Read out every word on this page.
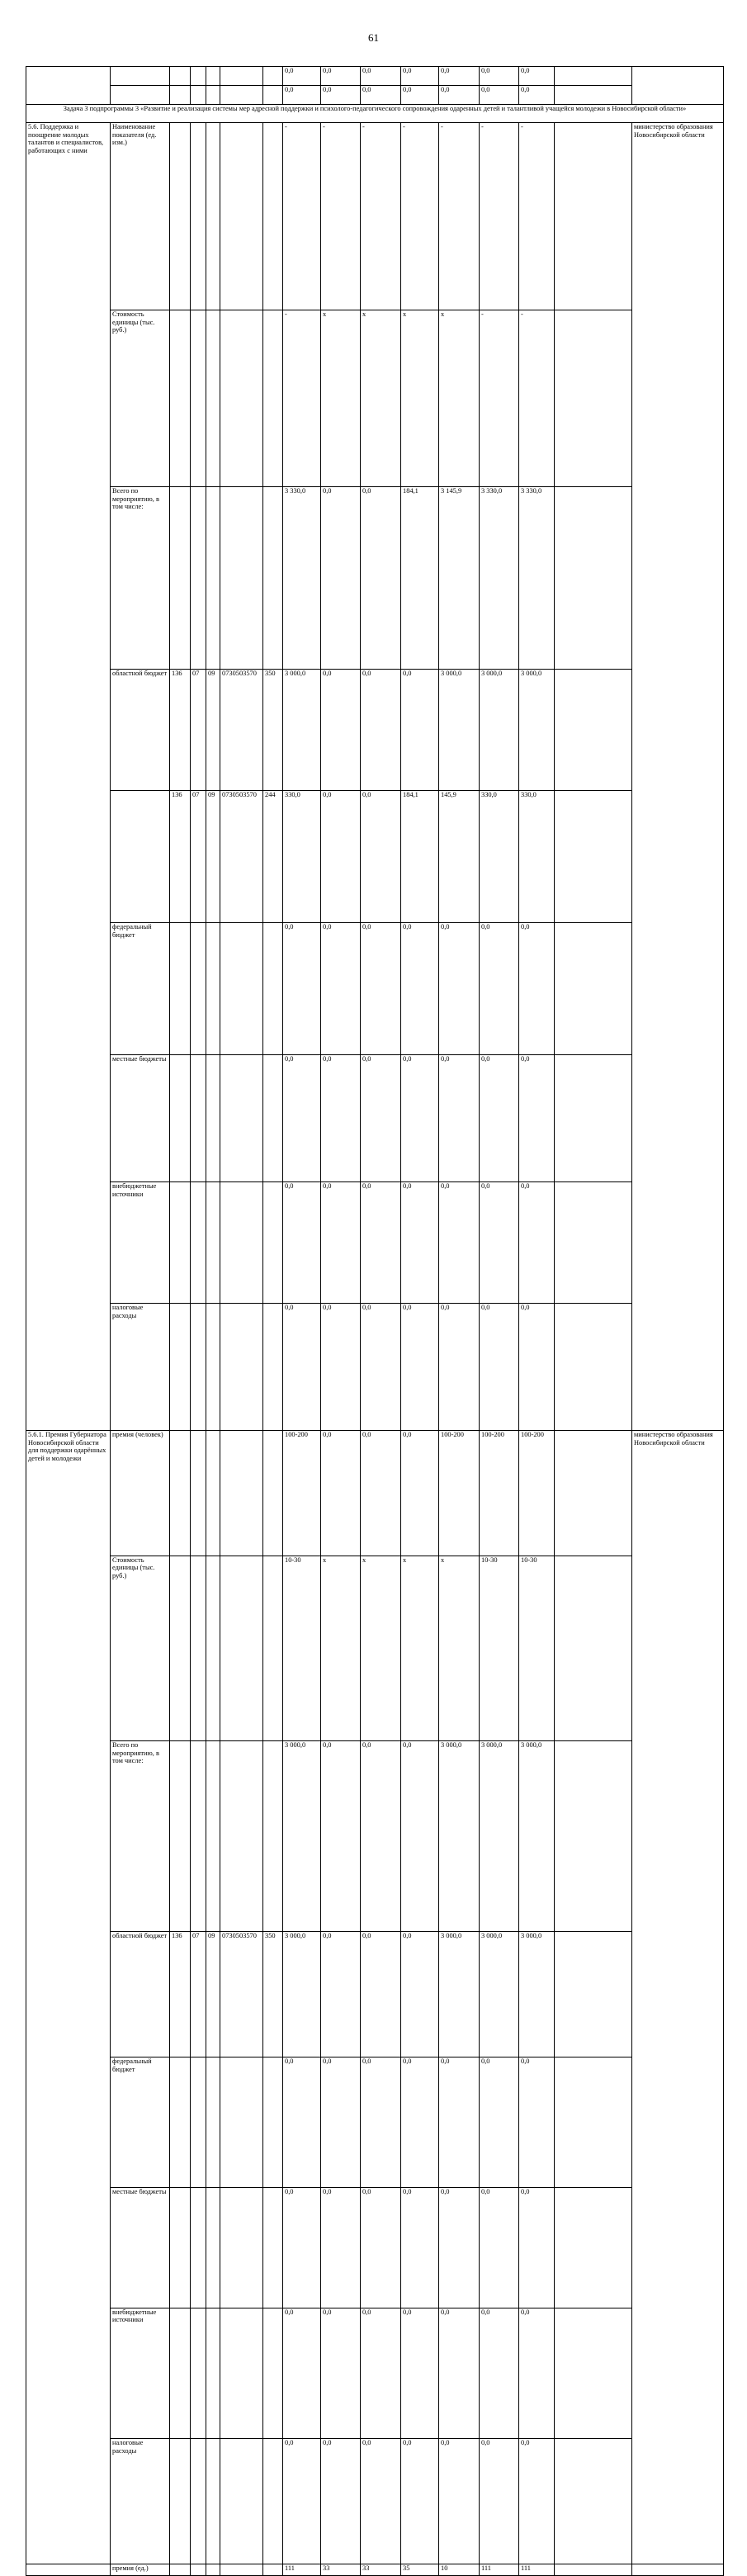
61
							0,0	0,0	0,0	0,0	0,0	0,0	0,0			
							0,0	0,0	0,0	0,0	0,0	0,0	0,0			
Задача 3 подпрограммы 3 «Развитие и реализация системы мер адресной поддержки и психолого-педагогического сопровождения одаренных детей и талантливой учащейся молодежи в Новосибирской области»																
5.6. Поддержка и поощрение молодых талантов и специалистов, работающих с ними	Наименование показателя (ед. изм.)						-	-	-	-	-	-	-		министерство образования Новосибирской области	
	Стоимость единицы (тыс. руб.)						-	х	х	х	х	-	-			
	Всего по мероприятию, в том числе:						3 330,0	0,0	0,0	184,1	3 145,9	3 330,0	3 330,0			
	областной бюджет	136	07	09	0730503570	350	3 000,0	0,0	0,0	0,0	3 000,0	3 000,0	3 000,0			
		136	07	09	0730503570	244	330,0	0,0	0,0	184,1	145,9	330,0	330,0			
	федеральный бюджет						0,0	0,0	0,0	0,0	0,0	0,0	0,0			
	местные бюджеты						0,0	0,0	0,0	0,0	0,0	0,0	0,0			
	внебюджетные источники						0,0	0,0	0,0	0,0	0,0	0,0	0,0			
	налоговые расходы						0,0	0,0	0,0	0,0	0,0	0,0	0,0			
5.6.1. Премия Губернатора Новосибирской области для поддержки одарённых детей и молодежи	премия (человек)						100-200	0,0	0,0	0,0	100-200	100-200	100-200		министерство образования Новосибирской области	
	Стоимость единицы (тыс. руб.)						10-30	х	х	х	х	10-30	10-30			
	Всего по мероприятию, в том числе:						3 000,0	0,0	0,0	0,0	3 000,0	3 000,0	3 000,0			
	областной бюджет	136	07	09	0730503570	350	3 000,0	0,0	0,0	0,0	3 000,0	3 000,0	3 000,0			
	федеральный бюджет						0,0	0,0	0,0	0,0	0,0	0,0	0,0			
	местные бюджеты						0,0	0,0	0,0	0,0	0,0	0,0	0,0			
	внебюджетные источники						0,0	0,0	0,0	0,0	0,0	0,0	0,0			
	налоговые расходы						0,0	0,0	0,0	0,0	0,0	0,0	0,0			
	премия (ед.)						111	33	33	35	10	111	111			
